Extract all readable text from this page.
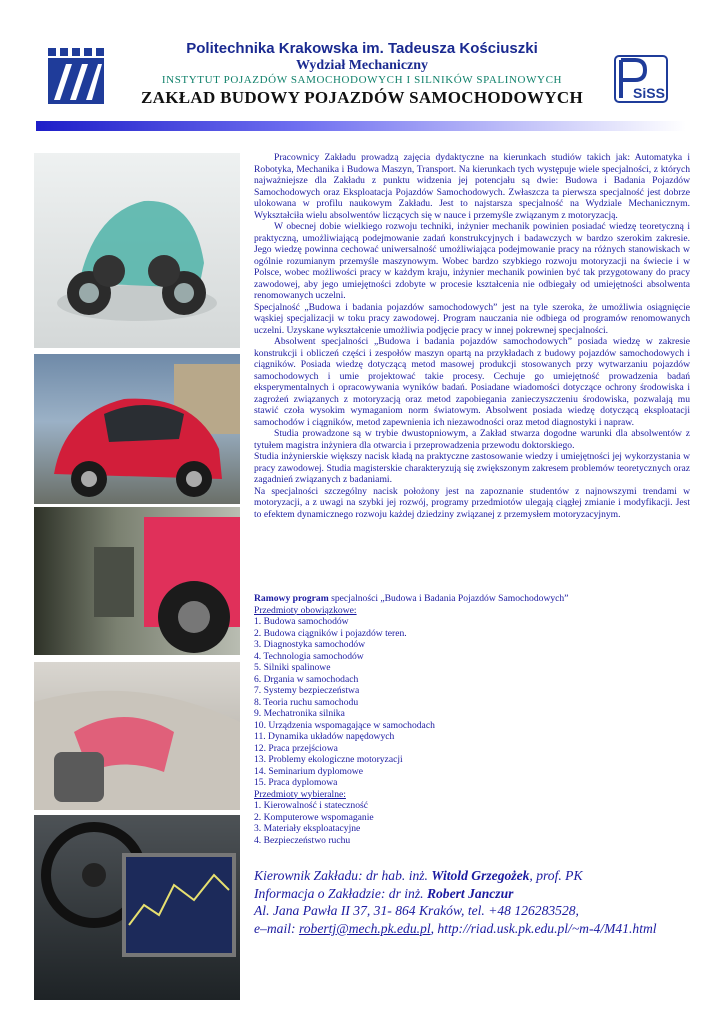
SiSS
Politechnika Krakowska im. Tadeusza Kościuszki
Wydział Mechaniczny
INSTYTUT POJAZDÓW SAMOCHODOWYCH I SILNIKÓW SPALINOWYCH
ZAKŁAD BUDOWY POJAZDÓW SAMOCHODOWYCH

Pracownicy Zakładu prowadzą zajęcia dydaktyczne na kierunkach studiów takich jak: Automatyka i Robotyka, Mechanika i Budowa Maszyn, Transport. Na kierunkach tych występuje wiele specjalności, z których najważniejsze dla Zakładu z punktu widzenia jej potencjału są dwie: Budowa i Badania Pojazdów Samochodowych oraz Eksploatacja Pojazdów Samochodowych. Zwłaszcza ta pierwsza specjalność jest dobrze ulokowana w profilu naukowym Zakładu. Jest to najstarsza specjalność na Wydziale Mechanicznym. Wykształciła wielu absolwentów liczących się w nauce i przemyśle związanym z motoryzacją.

W obecnej dobie wielkiego rozwoju techniki, inżynier mechanik powinien posiadać wiedzę teoretyczną i praktyczną, umożliwiającą podejmowanie zadań konstrukcyjnych i badawczych w bardzo szerokim zakresie. Jego wiedzę powinna cechować uniwersalność umożliwiająca podejmowanie pracy na różnych stanowiskach w ogólnie rozumianym przemyśle maszynowym. Wobec bardzo szybkiego rozwoju motoryzacji na świecie i w Polsce, wobec możliwości pracy w każdym kraju, inżynier mechanik powinien być tak przygotowany do pracy zawodowej, aby jego umiejętności zdobyte w procesie kształcenia nie odbiegały od umiejętności absolwenta renomowanych uczelni.

Specjalność „Budowa i badania pojazdów samochodowych” jest na tyle szeroka, że umożliwia osiągnięcie wąskiej specjalizacji w toku pracy zawodowej. Program nauczania nie odbiega od programów renomowanych uczelni. Uzyskane wykształcenie umożliwia podjęcie pracy w innej pokrewnej specjalności.

Absolwent specjalności „Budowa i badania pojazdów samochodowych” posiada wiedzę w zakresie konstrukcji i obliczeń części i zespołów maszyn opartą na przykładach z budowy pojazdów samochodowych i ciągników. Posiada wiedzę dotyczącą metod masowej produkcji stosowanych przy wytwarzaniu pojazdów samochodowych i umie projektować takie procesy. Cechuje go umiejętność prowadzenia badań eksperymentalnych i opracowywania wyników badań. Posiadane wiadomości dotyczące ochrony środowiska i zagrożeń związanych z motoryzacją oraz metod zapobiegania zanieczyszczeniu środowiska, pozwalają mu stawić czoła wysokim wymaganiom norm światowym. Absolwent posiada wiedzę dotyczącą eksploatacji samochodów i ciągników, metod zapewnienia ich niezawodności oraz metod diagnostyki i napraw.

Studia prowadzone są w trybie dwustopniowym, a Zakład stwarza dogodne warunki dla absolwentów z tytułem magistra inżyniera dla otwarcia i przeprowadzenia przewodu doktorskiego.

Studia inżynierskie większy nacisk kładą na praktyczne zastosowanie wiedzy i umiejętności jej wykorzystania w pracy zawodowej. Studia magisterskie charakteryzują się zwiększonym zakresem problemów teoretycznych oraz zagadnień związanych z badaniami.

Na specjalności szczególny nacisk położony jest na zapoznanie studentów z najnowszymi trendami w motoryzacji, a z uwagi na szybki jej rozwój, programy przedmiotów ulegają ciągłej zmianie i modyfikacji. Jest to efektem dynamicznego rozwoju każdej dziedziny związanej z przemysłem motoryzacyjnym.

Ramowy program specjalności „Budowa i Badania Pojazdów Samochodowych”
Przedmioty obowiązkowe:
1. Budowa samochodów
2. Budowa ciągników i pojazdów teren.
3. Diagnostyka samochodów
4. Technologia samochodów
5. Silniki spalinowe
6. Drgania w samochodach
7. Systemy bezpieczeństwa
8. Teoria ruchu samochodu
9. Mechatronika silnika
10. Urządzenia wspomagające w samochodach
11. Dynamika układów napędowych
12. Praca przejściowa
13. Problemy ekologiczne motoryzacji
14. Seminarium dyplomowe
15. Praca dyplomowa
Przedmioty wybieralne:
1. Kierowalność i stateczność
2. Komputerowe wspomaganie
3. Materiały eksploatacyjne
4. Bezpieczeństwo ruchu
Kierownik Zakładu: dr hab. inż. Witold Grzegożek, prof. PK
Informacja o Zakładzie: dr inż. Robert Janczur
Al. Jana Pawła II 37, 31- 864 Kraków, tel. +48 126283528,
e–mail: robertj@mech.pk.edu.pl, http://riad.usk.pk.edu.pl/~m-4/M41.html
